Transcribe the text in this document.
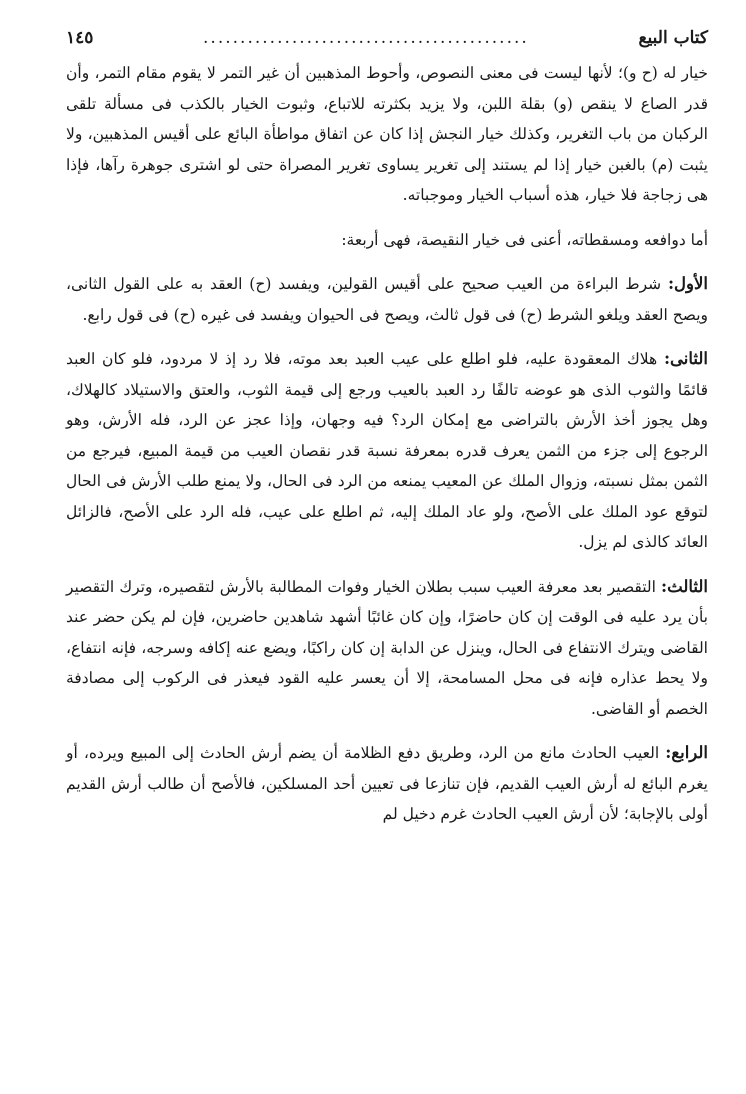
كتاب البيع
............................................
١٤٥

خيار له (ح و)؛ لأنها ليست فى معنى النصوص، وأحوط المذهبين أن غير التمر لا يقوم مقام التمر، وأن قدر الصاع لا ينقص (و) بقلة اللبن، ولا يزيد بكثرته للاتباع، وثبوت الخيار بالكذب فى مسألة تلقى الركبان من باب التغرير، وكذلك خيار النجش إذا كان عن اتفاق مواطأة البائع على أقيس المذهبين، ولا يثبت (م) بالغبن خيار إذا لم يستند إلى تغرير يساوى تغرير المصراة حتى لو اشترى جوهرة رآها، فإذا هى زجاجة فلا خيار، هذه أسباب الخيار وموجباته.

أما دوافعه ومسقطاته، أعنى فى خيار النقيصة، فهى أربعة:

الأول: شرط البراءة من العيب صحيح على أقيس القولين، ويفسد (ح) العقد به على القول الثانى، ويصح العقد ويلغو الشرط (ح) فى قول ثالث، ويصح فى الحيوان ويفسد فى غيره (ح) فى قول رابع.

الثانى: هلاك المعقودة عليه، فلو اطلع على عيب العبد بعد موته، فلا رد إذ لا مردود، فلو كان العبد قائمًا والثوب الذى هو عوضه تالفًا رد العبد بالعيب ورجع إلى قيمة الثوب، والعتق والاستيلاد كالهلاك، وهل يجوز أخذ الأرش بالتراضى مع إمكان الرد؟ فيه وجهان، وإذا عجز عن الرد، فله الأرش، وهو الرجوع إلى جزء من الثمن يعرف قدره بمعرفة نسبة قدر نقصان العيب من قيمة المبيع، فيرجع من الثمن بمثل نسبته، وزوال الملك عن المعيب يمنعه من الرد فى الحال، ولا يمنع طلب الأرش فى الحال لتوقع عود الملك على الأصح، ولو عاد الملك إليه، ثم اطلع على عيب، فله الرد على الأصح، فالزائل العائد كالذى لم يزل.

الثالث: التقصير بعد معرفة العيب سبب بطلان الخيار وفوات المطالبة بالأرش لتقصيره، وترك التقصير بأن يرد عليه فى الوقت إن كان حاضرًا، وإن كان غائبًا أشهد شاهدين حاضرين، فإن لم يكن حضر عند القاضى ويترك الانتفاع فى الحال، وينزل عن الدابة إن كان راكبًا، ويضع عنه إكافه وسرجه، فإنه انتفاع، ولا يحط عذاره فإنه فى محل المسامحة، إلا أن يعسر عليه القود فيعذر فى الركوب إلى مصادفة الخصم أو القاضى.

الرابع: العيب الحادث مانع من الرد، وطريق دفع الظلامة أن يضم أرش الحادث إلى المبيع ويرده، أو يغرم البائع له أرش العيب القديم، فإن تنازعا فى تعيين أحد المسلكين، فالأصح أن طالب أرش القديم أولى بالإجابة؛ لأن أرش العيب الحادث غرم دخيل لم
